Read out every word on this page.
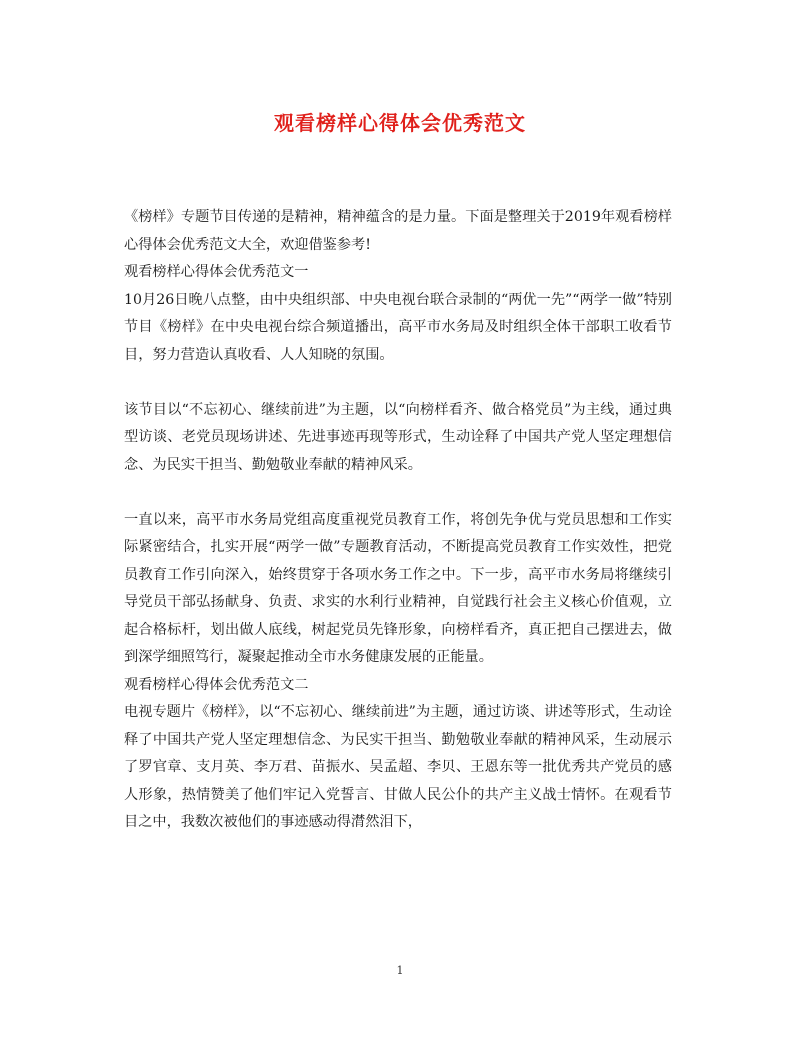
观看榜样心得体会优秀范文

《榜样》专题节目传递的是精神，精神蕴含的是力量。下面是整理关于2019年观看榜样心得体会优秀范文大全，欢迎借鉴参考!

观看榜样心得体会优秀范文一

10月26日晚八点整，由中央组织部、中央电视台联合录制的“两优一先”“两学一做”特别节目《榜样》在中央电视台综合频道播出，高平市水务局及时组织全体干部职工收看节目，努力营造认真收看、人人知晓的氛围。

该节目以“不忘初心、继续前进”为主题，以“向榜样看齐、做合格党员”为主线，通过典型访谈、老党员现场讲述、先进事迹再现等形式，生动诠释了中国共产党人坚定理想信念、为民实干担当、勤勉敬业奉献的精神风采。

一直以来，高平市水务局党组高度重视党员教育工作，将创先争优与党员思想和工作实际紧密结合，扎实开展“两学一做”专题教育活动，不断提高党员教育工作实效性，把党员教育工作引向深入，始终贯穿于各项水务工作之中。下一步，高平市水务局将继续引导党员干部弘扬献身、负责、求实的水利行业精神，自觉践行社会主义核心价值观，立起合格标杆，划出做人底线，树起党员先锋形象，向榜样看齐，真正把自己摆进去，做到深学细照笃行，凝聚起推动全市水务健康发展的正能量。

观看榜样心得体会优秀范文二

电视专题片《榜样》，以“不忘初心、继续前进”为主题，通过访谈、讲述等形式，生动诠释了中国共产党人坚定理想信念、为民实干担当、勤勉敬业奉献的精神风采，生动展示了罗官章、支月英、李万君、苗振水、吴孟超、李贝、王恩东等一批优秀共产党员的感人形象，热情赞美了他们牢记入党誓言、甘做人民公仆的共产主义战士情怀。在观看节目之中，我数次被他们的事迹感动得潸然泪下，

1
